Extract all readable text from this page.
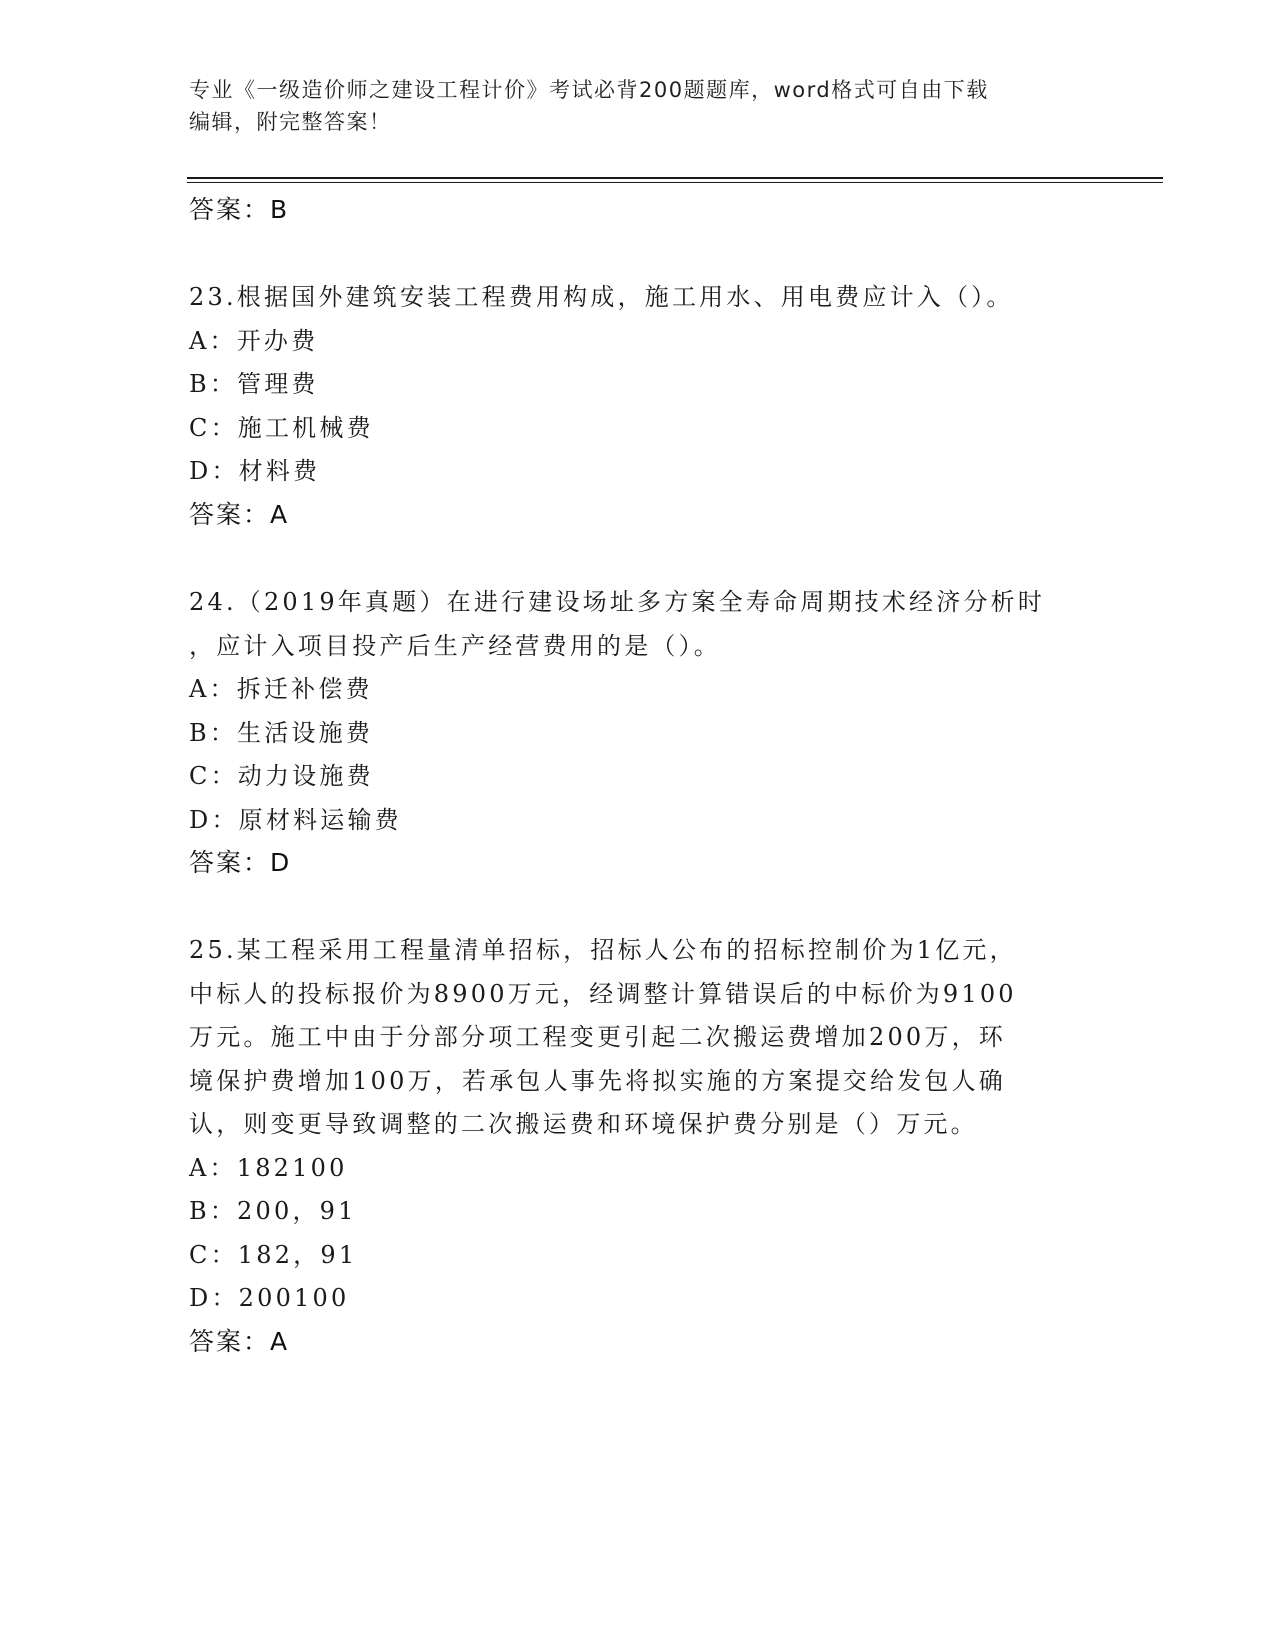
专业《一级造价师之建设工程计价》考试必背200题题库，word格式可自由下载
编辑，附完整答案！

答案：B

23.根据国外建筑安装工程费用构成，施工用水、用电费应计入（）。

A：开办费

B：管理费

C：施工机械费

D：材料费

答案：A

24.（2019年真题）在进行建设场址多方案全寿命周期技术经济分析时

，应计入项目投产后生产经营费用的是（）。

A：拆迁补偿费

B：生活设施费

C：动力设施费

D：原材料运输费

答案：D

25.某工程采用工程量清单招标，招标人公布的招标控制价为1亿元，

中标人的投标报价为8900万元，经调整计算错误后的中标价为9100

万元。施工中由于分部分项工程变更引起二次搬运费增加200万，环

境保护费增加100万，若承包人事先将拟实施的方案提交给发包人确

认，则变更导致调整的二次搬运费和环境保护费分别是（）万元。

A：182100

B：200，91

C：182，91

D：200100

答案：A
